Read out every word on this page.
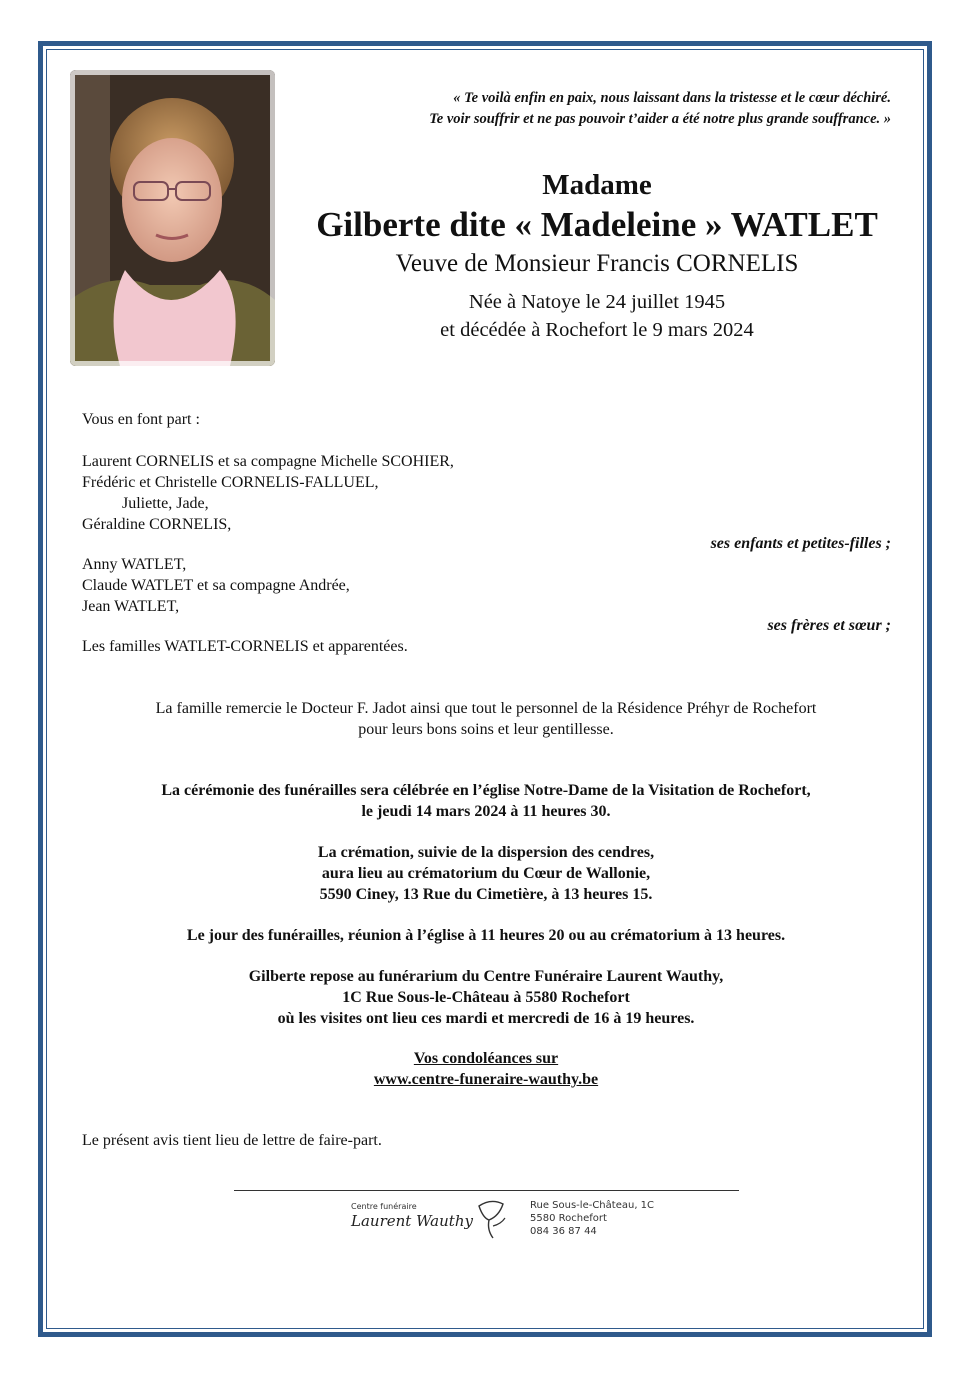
« Te voilà enfin en paix, nous laissant dans la tristesse et le cœur déchiré.
Te voir souffrir et ne pas pouvoir t’aider a été notre plus grande souffrance. »
Madame
Gilberte dite « Madeleine » WATLET
Veuve de Monsieur Francis CORNELIS
Née à Natoye le 24 juillet 1945
et décédée à Rochefort le 9 mars 2024
Vous en font part :
Laurent CORNELIS et sa compagne Michelle SCOHIER,
Frédéric et Christelle CORNELIS-FALLUEL,
Juliette, Jade,
Géraldine CORNELIS,
ses enfants et petites-filles ;
Anny WATLET,
Claude WATLET et sa compagne Andrée,
Jean WATLET,
ses frères et sœur ;
Les familles WATLET-CORNELIS et apparentées.
La famille remercie le Docteur F. Jadot ainsi que tout le personnel de la Résidence Préhyr de Rochefort
pour leurs bons soins et leur gentillesse.
La cérémonie des funérailles sera célébrée en l’église Notre-Dame de la Visitation de Rochefort,
le jeudi 14 mars 2024 à 11 heures 30.
La crémation, suivie de la dispersion des cendres,
aura lieu au crématorium du Cœur de Wallonie,
5590 Ciney, 13 Rue du Cimetière, à 13 heures 15.
Le jour des funérailles, réunion à l’église à 11 heures 20 ou au crématorium à 13 heures.
Gilberte repose au funérarium du Centre Funéraire Laurent Wauthy,
1C Rue Sous-le-Château à 5580 Rochefort
où les visites ont lieu ces mardi et mercredi de 16 à 19 heures.
Vos condoléances sur
www.centre-funeraire-wauthy.be
Le présent avis tient lieu de lettre de faire-part.
Centre funéraire
Laurent Wauthy
Rue Sous-le-Château, 1C
5580 Rochefort
084 36 87 44
